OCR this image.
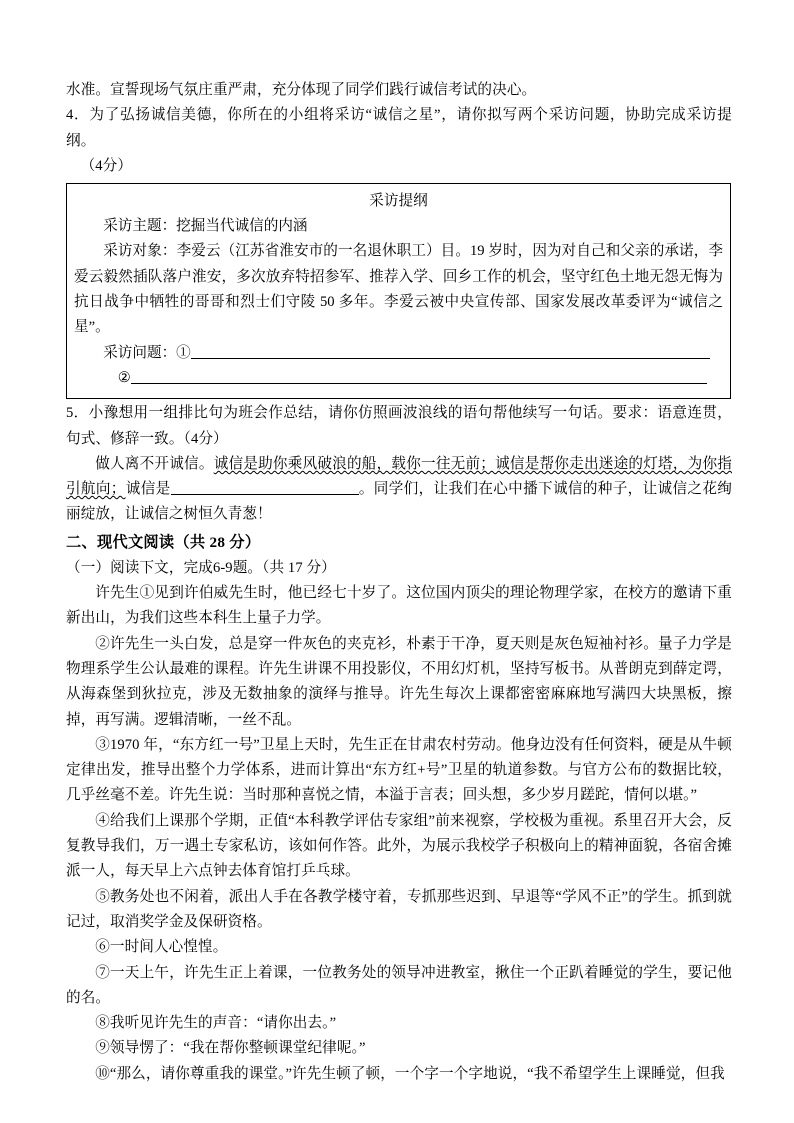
水准。宣誓现场气氛庄重严肃，充分体现了同学们践行诚信考试的决心。

4．为了弘扬诚信美德，你所在的小组将采访“诚信之星”，请你拟写两个采访问题，协助完成采访提纲。

（4分）

采访提纲

采访主题：挖掘当代诚信的内涵

采访对象：李爱云（江苏省淮安市的一名退休职工）目。19 岁时，因为对自己和父亲的承诺，李爱云毅然插队落户淮安，多次放弃特招参军、推荐入学、回乡工作的机会，坚守红色土地无怨无悔为抗日战争中牺牲的哥哥和烈士们守陵 50 多年。李爱云被中央宣传部、国家发展改革委评为“诚信之星”。

采访问题：①

②

5．小豫想用一组排比句为班会作总结，请你仿照画波浪线的语句帮他续写一句话。要求：语意连贯，句式、修辞一致。（4分）

做人离不开诚信。诚信是助你乘风破浪的船，载你一往无前；诚信是帮你走出迷途的灯塔，为你指引航向；诚信是	。同学们，让我们在心中播下诚信的种子，让诚信之花绚丽绽放，让诚信之树恒久青葱！

二、现代文阅读（共 28 分）

（一）阅读下文，完成6-9题。（共 17 分）

许先生①见到许伯威先生时，他已经七十岁了。这位国内顶尖的理论物理学家，在校方的邀请下重新出山，为我们这些本科生上量子力学。

②许先生一头白发，总是穿一件灰色的夹克衫，朴素于干净，夏天则是灰色短袖衬衫。量子力学是物理系学生公认最难的课程。许先生讲课不用投影仪，不用幻灯机，坚持写板书。从普朗克到薛定谔，从海森堡到狄拉克，涉及无数抽象的演绎与推导。许先生每次上课都密密麻麻地写满四大块黑板，擦掉，再写满。逻辑清晰，一丝不乱。

③1970 年，“东方红一号”卫星上天时，先生正在甘肃农村劳动。他身边没有任何资料，硬是从牛顿定律出发，推导出整个力学体系，进而计算出“东方红+号”卫星的轨道参数。与官方公布的数据比较，几乎丝毫不差。许先生说：当时那种喜悦之情，本溢于言表；回头想，多少岁月蹉跎，情何以堪。”

④给我们上课那个学期，正值“本科教学评估专家组”前来视察，学校极为重视。系里召开大会，反复教导我们，万一遇土专家私访，该如何作答。此外，为展示我校学子积极向上的精神面貌，各宿舍摊派一人，每天早上六点钟去体育馆打乒乓球。

⑤教务处也不闲着，派出人手在各教学楼守着，专抓那些迟到、早退等“学风不正”的学生。抓到就记过，取消奖学金及保研资格。

⑥一时间人心惶惶。

⑦一天上午，许先生正上着课，一位教务处的领导冲进教室，揪住一个正趴着睡觉的学生，要记他的名。

⑧我听见许先生的声音：“请你出去。”

⑨领导愣了：“我在帮你整顿课堂纪律呢。”

⑩“那么，请你尊重我的课堂。”许先生顿了顿，一个字一个字地说，“我不希望学生上课睡觉，但我
